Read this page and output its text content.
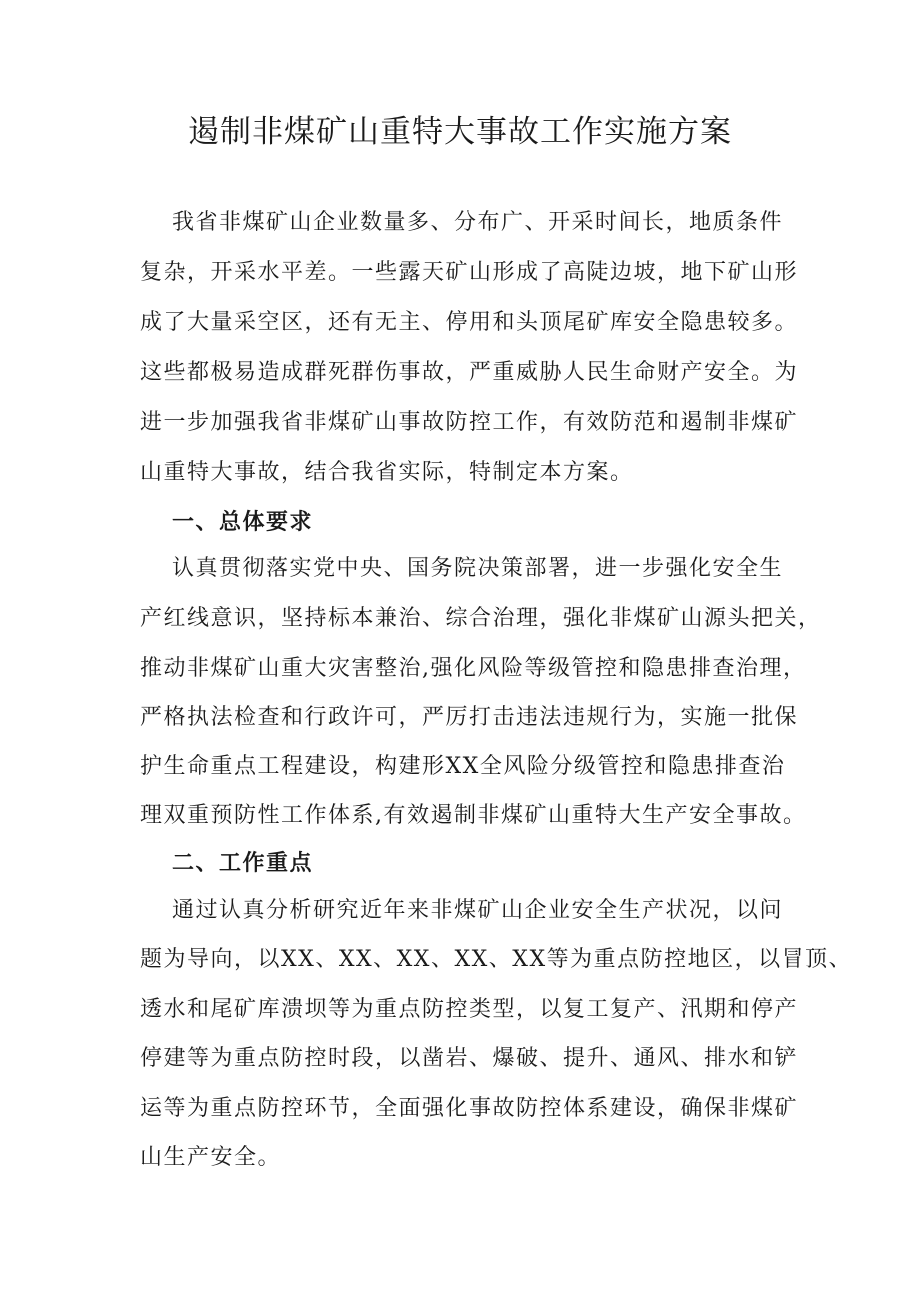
遏制非煤矿山重特大事故工作实施方案

我省非煤矿山企业数量多、分布广、开采时间长，地质条件

复杂，开采水平差。一些露天矿山形成了高陡边坡，地下矿山形

成了大量采空区，还有无主、停用和头顶尾矿库安全隐患较多。

这些都极易造成群死群伤事故，严重威胁人民生命财产安全。为

进一步加强我省非煤矿山事故防控工作，有效防范和遏制非煤矿

山重特大事故，结合我省实际，特制定本方案。

一、总体要求

认真贯彻落实党中央、国务院决策部署，进一步强化安全生

产红线意识，坚持标本兼治、综合治理，强化非煤矿山源头把关，

推动非煤矿山重大灾害整治,强化风险等级管控和隐患排查治理，

严格执法检查和行政许可，严厉打击违法违规行为，实施一批保

护生命重点工程建设，构建形XX全风险分级管控和隐患排查治

理双重预防性工作体系,有效遏制非煤矿山重特大生产安全事故。

二、工作重点

通过认真分析研究近年来非煤矿山企业安全生产状况，以问

题为导向，以XX、XX、XX、XX、XX等为重点防控地区，以冒顶、

透水和尾矿库溃坝等为重点防控类型，以复工复产、汛期和停产

停建等为重点防控时段，以凿岩、爆破、提升、通风、排水和铲

运等为重点防控环节，全面强化事故防控体系建设，确保非煤矿

山生产安全。
